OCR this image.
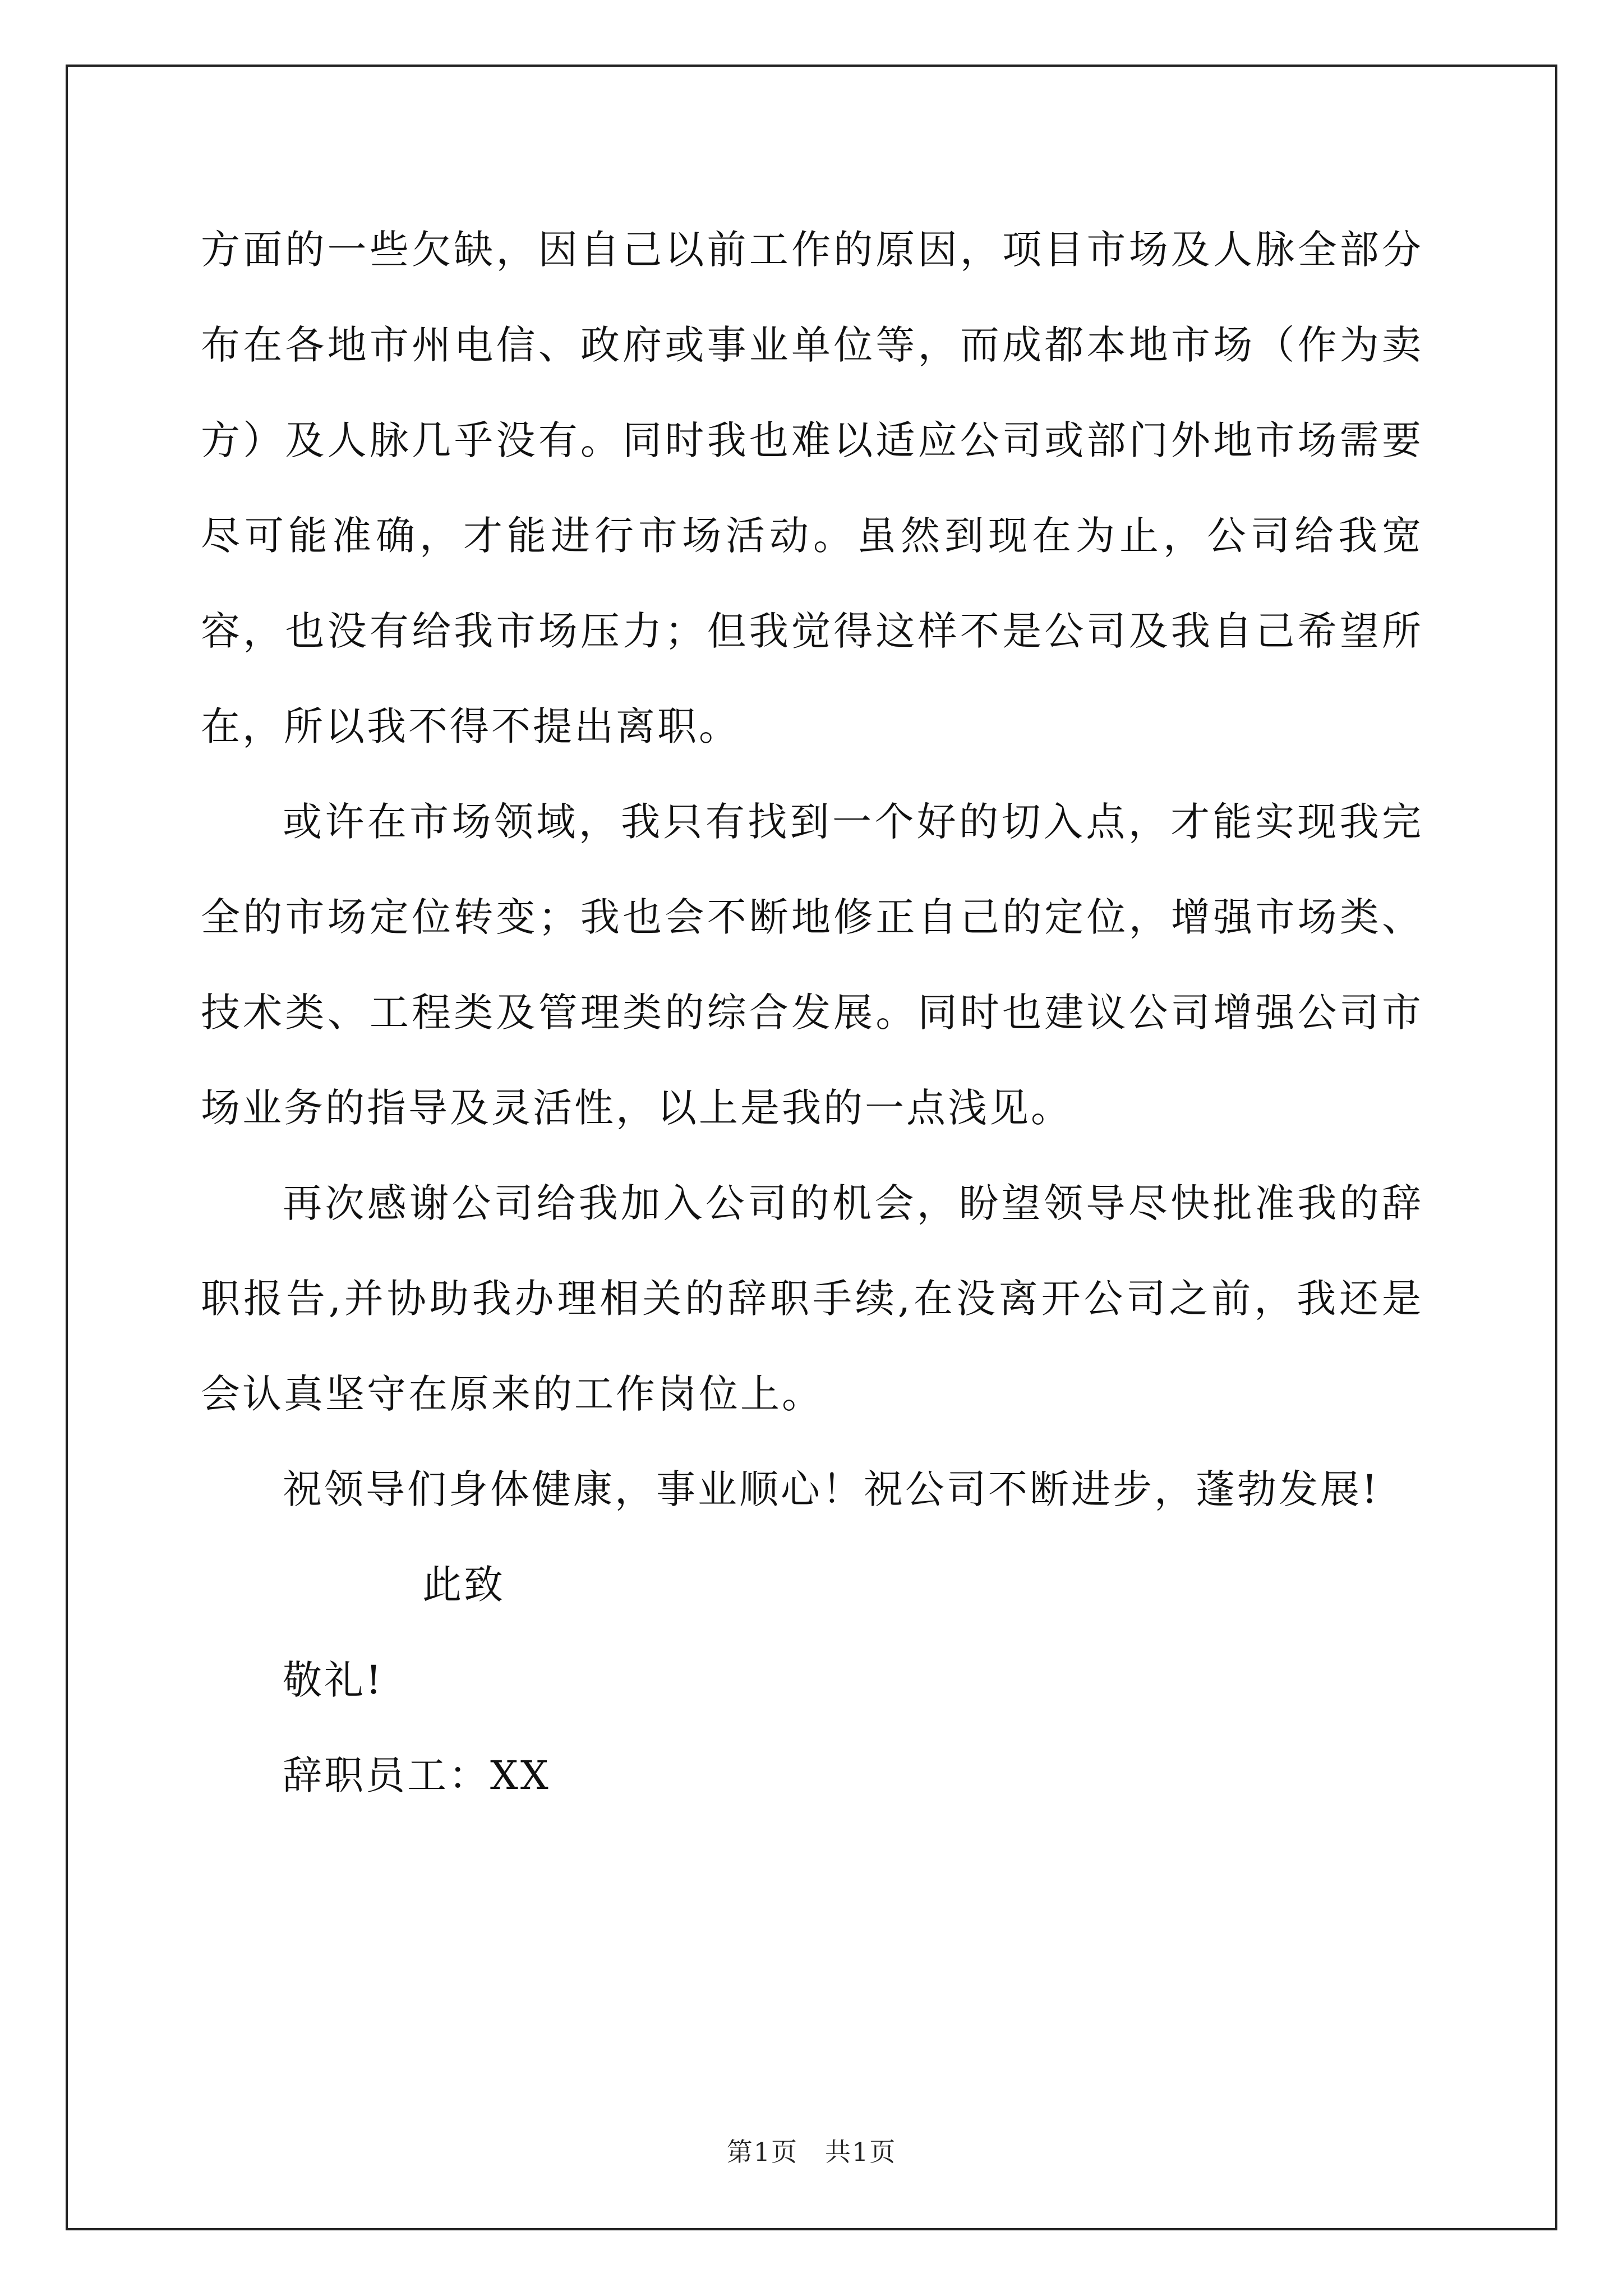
方面的一些欠缺，因自己以前工作的原因，项目市场及人脉全部分布在各地市州电信、政府或事业单位等，而成都本地市场（作为卖方）及人脉几乎没有。同时我也难以适应公司或部门外地市场需要尽可能准确，才能进行市场活动。虽然到现在为止，公司给我宽容，也没有给我市场压力；但我觉得这样不是公司及我自己希望所在，所以我不得不提出离职。

或许在市场领域，我只有找到一个好的切入点，才能实现我完全的市场定位转变；我也会不断地修正自己的定位，增强市场类、技术类、工程类及管理类的综合发展。同时也建议公司增强公司市场业务的指导及灵活性，以上是我的一点浅见。

再次感谢公司给我加入公司的机会，盼望领导尽快批准我的辞职报告,并协助我办理相关的辞职手续,在没离开公司之前，我还是会认真坚守在原来的工作岗位上。

祝领导们身体健康，事业顺心！祝公司不断进步，蓬勃发展!

此致

敬礼!

辞职员工：XX

第1页　共1页
